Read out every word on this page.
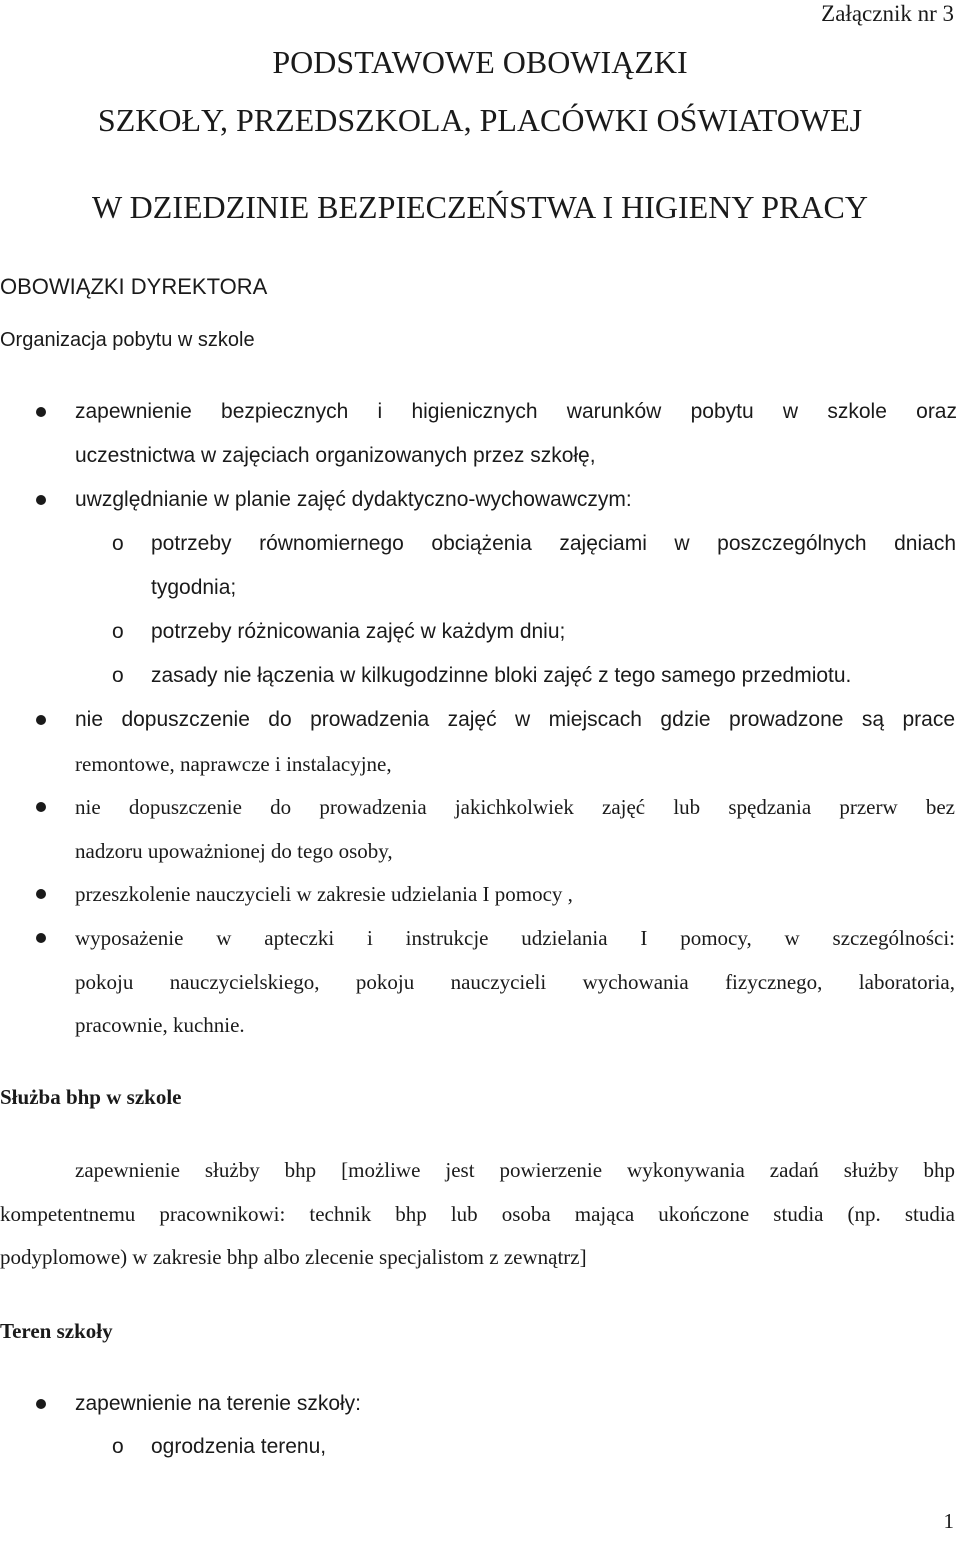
Załącznik nr 3
PODSTAWOWE OBOWIĄZKI
SZKOŁY, PRZEDSZKOLA, PLACÓWKI OŚWIATOWEJ
W DZIEDZINIE BEZPIECZEŃSTWA I HIGIENY PRACY
OBOWIĄZKI DYREKTORA
Organizacja pobytu w szkole
zapewnienie bezpiecznych i higienicznych warunków pobytu w szkole oraz
uczestnictwa w zajęciach organizowanych przez szkołę,
uwzględnianie w planie zajęć dydaktyczno-wychowawczym:
o potrzeby równomiernego obciążenia zajęciami w poszczególnych dniach
tygodnia;
o potrzeby różnicowania zajęć w każdym dniu;
o zasady nie łączenia w kilkugodzinne bloki zajęć z tego samego przedmiotu.
nie dopuszczenie do prowadzenia zajęć w miejscach gdzie prowadzone są prace
remontowe, naprawcze i instalacyjne,
nie dopuszczenie do prowadzenia jakichkolwiek zajęć lub spędzania przerw bez
nadzoru upoważnionej do tego osoby,
przeszkolenie nauczycieli w zakresie udzielania I pomocy ,
wyposażenie w apteczki i instrukcje udzielania I pomocy, w szczególności:
pokoju nauczycielskiego, pokoju nauczycieli wychowania fizycznego, laboratoria,
pracownie, kuchnie.
Służba bhp w szkole
zapewnienie służby bhp [możliwe jest powierzenie wykonywania zadań służby bhp
kompetentnemu pracownikowi: technik bhp lub osoba mająca ukończone studia (np. studia
podyplomowe) w zakresie bhp albo zlecenie specjalistom z zewnątrz]
Teren szkoły
zapewnienie na terenie szkoły:
o ogrodzenia terenu,
1
